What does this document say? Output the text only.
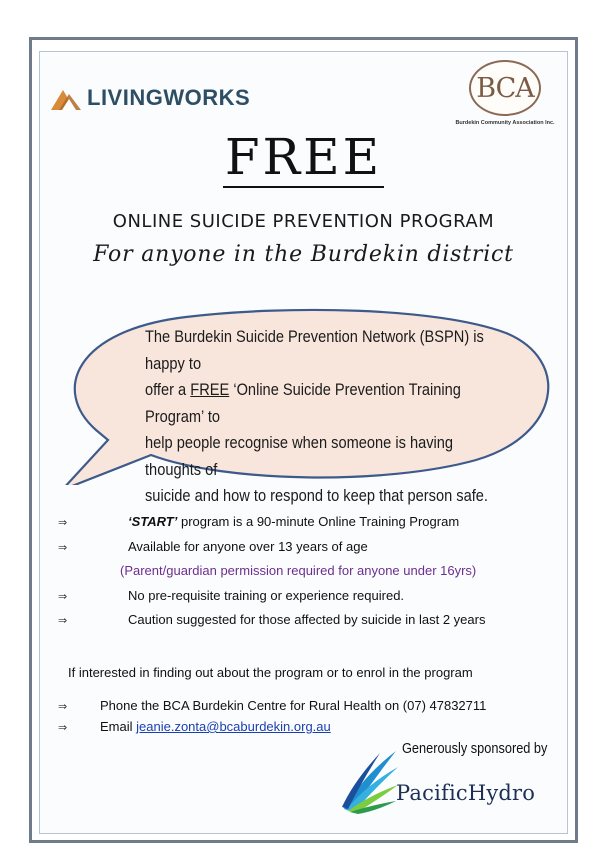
LIVINGWORKS	BCA
Burdekin Community Association Inc.
FREE
ONLINE SUICIDE PREVENTION PROGRAM
For anyone in the Burdekin district
The Burdekin Suicide Prevention Network (BSPN) is happy to
offer a FREE ‘Online Suicide Prevention Training Program’ to
help people recognise when someone is having thoughts of
suicide and how to respond to keep that person safe.
⇒	‘START’ program is a 90-minute Online Training Program
⇒	Available for anyone over 13 years of age
(Parent/guardian permission required for anyone under 16yrs)
⇒	No pre-requisite training or experience required.
⇒	Caution suggested for those affected by suicide in last 2 years
If interested in finding out about the program or to enrol in the program
⇒	Phone the BCA Burdekin Centre for Rural Health on (07) 47832711
⇒	Email
jeanie.zonta@bcaburdekin.org.au
Generously sponsored by
PacificHydro
